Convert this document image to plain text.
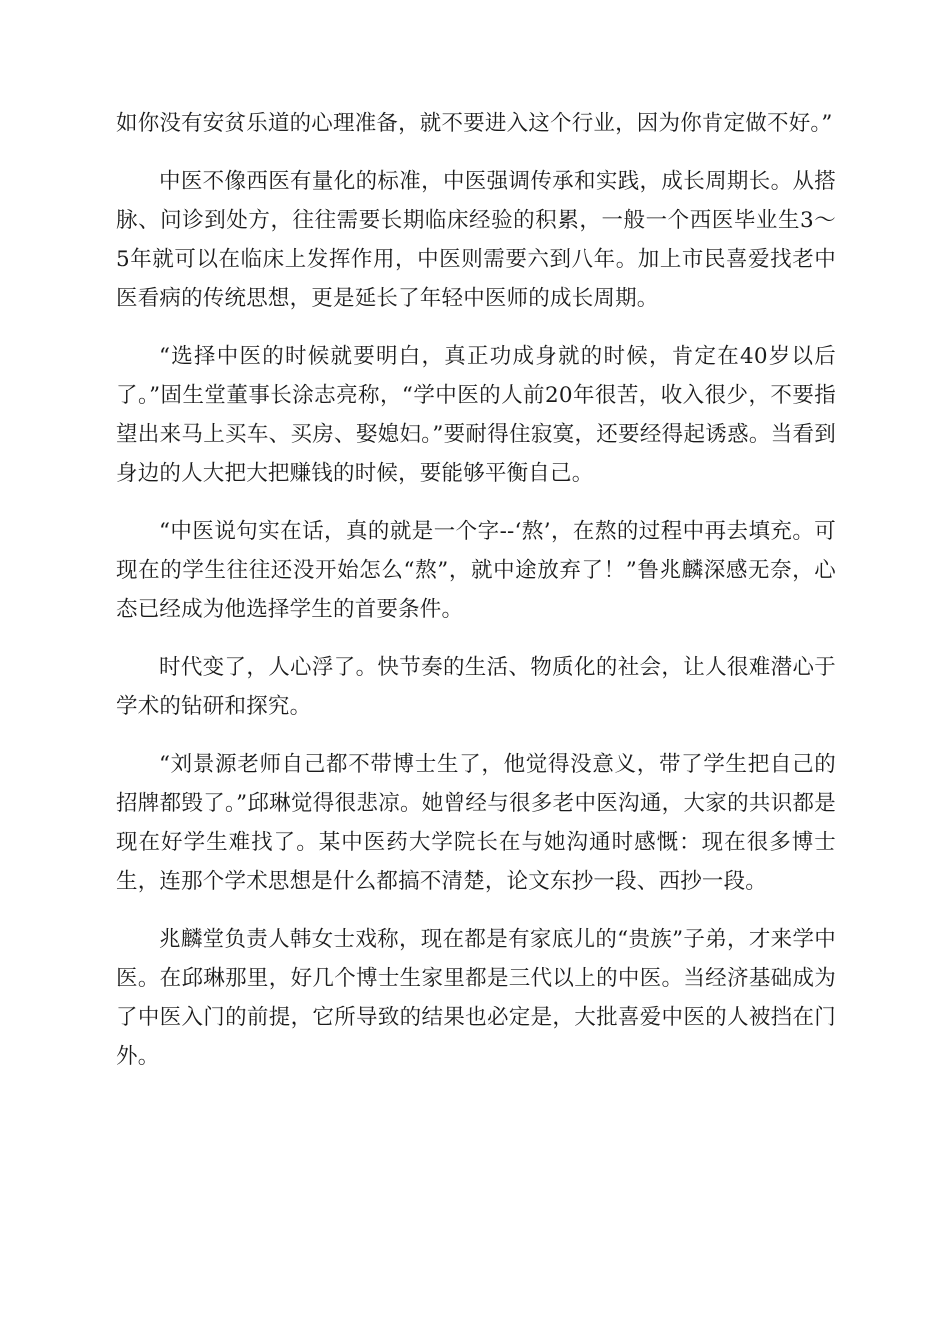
如你没有安贫乐道的心理准备，就不要进入这个行业，因为你肯定做不好。”

中医不像西医有量化的标准，中医强调传承和实践，成长周期长。从搭脉、问诊到处方，往往需要长期临床经验的积累，一般一个西医毕业生3～5年就可以在临床上发挥作用，中医则需要六到八年。加上市民喜爱找老中医看病的传统思想，更是延长了年轻中医师的成长周期。

“选择中医的时候就要明白，真正功成身就的时候，肯定在40岁以后了。”固生堂董事长涂志亮称，“学中医的人前20年很苦，收入很少，不要指望出来马上买车、买房、娶媳妇。”要耐得住寂寞，还要经得起诱惑。当看到身边的人大把大把赚钱的时候，要能够平衡自己。

“中医说句实在话，真的就是一个字--‘熬’，在熬的过程中再去填充。可现在的学生往往还没开始怎么“熬”，就中途放弃了！”鲁兆麟深感无奈，心态已经成为他选择学生的首要条件。

时代变了，人心浮了。快节奏的生活、物质化的社会，让人很难潜心于学术的钻研和探究。

“刘景源老师自己都不带博士生了，他觉得没意义，带了学生把自己的招牌都毁了。”邱琳觉得很悲凉。她曾经与很多老中医沟通，大家的共识都是现在好学生难找了。某中医药大学院长在与她沟通时感慨：现在很多博士生，连那个学术思想是什么都搞不清楚，论文东抄一段、西抄一段。

兆麟堂负责人韩女士戏称，现在都是有家底儿的“贵族”子弟，才来学中医。在邱琳那里，好几个博士生家里都是三代以上的中医。当经济基础成为了中医入门的前提，它所导致的结果也必定是，大批喜爱中医的人被挡在门外。
